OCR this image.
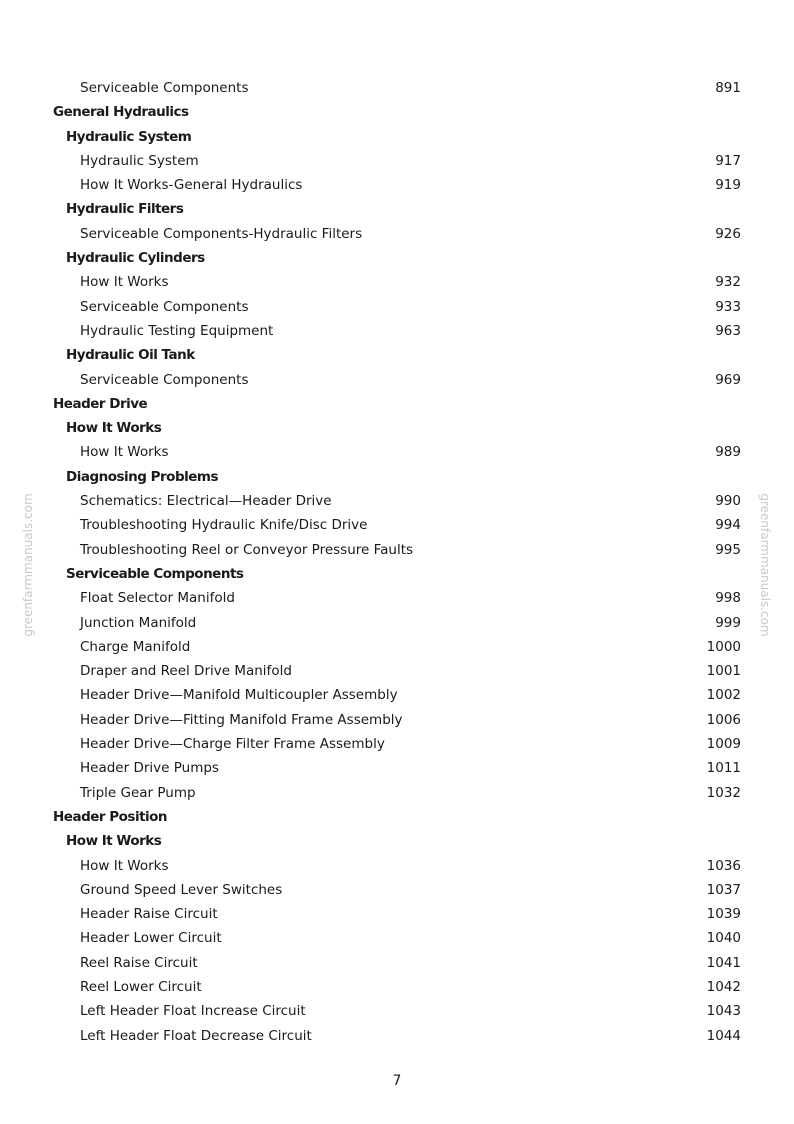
Serviceable Components	891
General Hydraulics
Hydraulic System
Hydraulic System	917
How It Works-General Hydraulics	919
Hydraulic Filters
Serviceable Components-Hydraulic Filters	926
Hydraulic Cylinders
How It Works	932
Serviceable Components	933
Hydraulic Testing Equipment	963
Hydraulic Oil Tank
Serviceable Components	969
Header Drive
How It Works
How It Works	989
Diagnosing Problems
Schematics: Electrical—Header Drive	990
Troubleshooting Hydraulic Knife/Disc Drive	994
Troubleshooting Reel or Conveyor Pressure Faults	995
Serviceable Components
Float Selector Manifold	998
Junction Manifold	999
Charge Manifold	1000
Draper and Reel Drive Manifold	1001
Header Drive—Manifold Multicoupler Assembly	1002
Header Drive—Fitting Manifold Frame Assembly	1006
Header Drive—Charge Filter Frame Assembly	1009
Header Drive Pumps	1011
Triple Gear Pump	1032
Header Position
How It Works
How It Works	1036
Ground Speed Lever Switches	1037
Header Raise Circuit	1039
Header Lower Circuit	1040
Reel Raise Circuit	1041
Reel Lower Circuit	1042
Left Header Float Increase Circuit	1043
Left Header Float Decrease Circuit	1044
greenfarmmanuals.com	greenfarmmanuals.com
7
